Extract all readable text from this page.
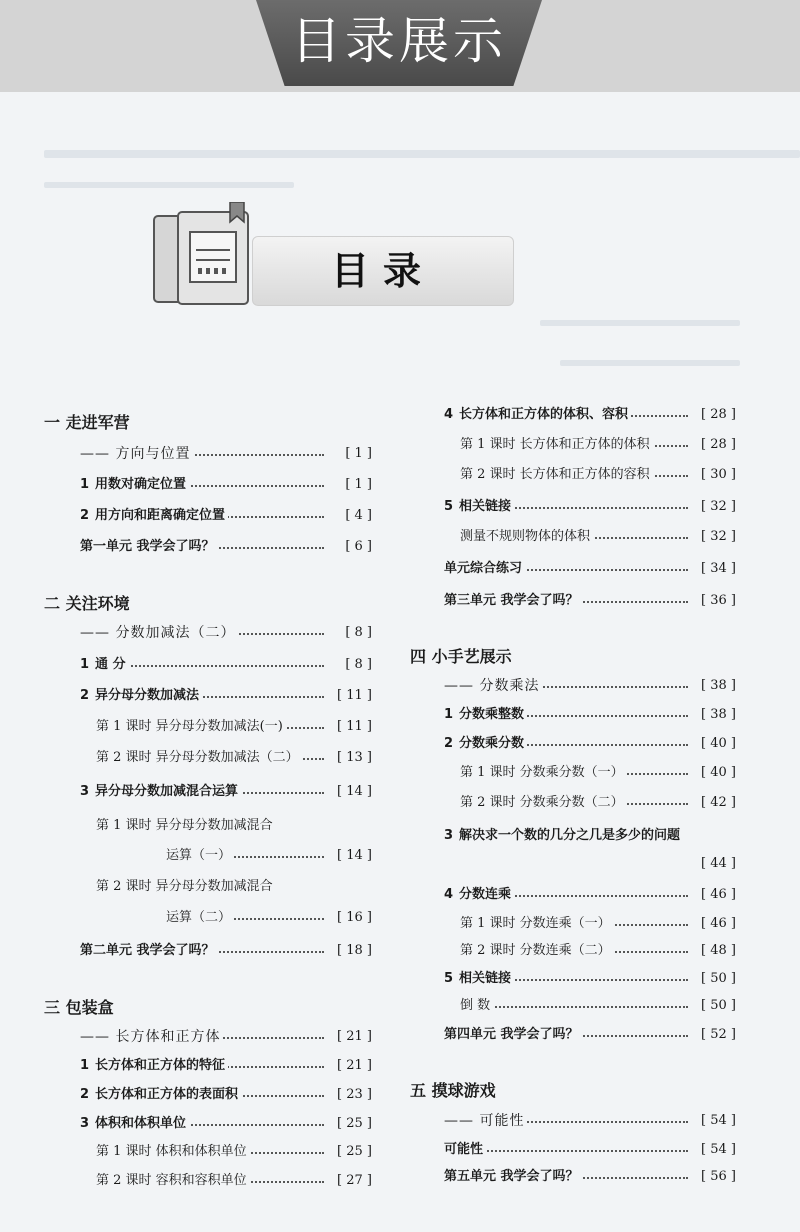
目录展示
目录
一 走进军营
—— 方向与位置	[ 1 ]
1 用数对确定位置	[ 1 ]
2 用方向和距离确定位置	[ 4 ]
第一单元 我学会了吗？	[ 6 ]
二 关注环境
—— 分数加减法（二）	[ 8 ]
1 通 分	[ 8 ]
2 异分母分数加减法	[ 11 ]
第 1 课时 异分母分数加减法(一)	[ 11 ]
第 2 课时 异分母分数加减法（二）	[ 13 ]
3 异分母分数加减混合运算	[ 14 ]
第 1 课时 异分母分数加减混合
运算（一）	[ 14 ]
第 2 课时 异分母分数加减混合
运算（二）	[ 16 ]
第二单元 我学会了吗？	[ 18 ]
三 包装盒
—— 长方体和正方体	[ 21 ]
1 长方体和正方体的特征	[ 21 ]
2 长方体和正方体的表面积	[ 23 ]
3 体积和体积单位	[ 25 ]
第 1 课时 体积和体积单位	[ 25 ]
第 2 课时 容积和容积单位	[ 27 ]
4 长方体和正方体的体积、容积	[ 28 ]
第 1 课时 长方体和正方体的体积	[ 28 ]
第 2 课时 长方体和正方体的容积	[ 30 ]
5 相关链接	[ 32 ]
测量不规则物体的体积	[ 32 ]
单元综合练习	[ 34 ]
第三单元 我学会了吗？	[ 36 ]
四 小手艺展示
—— 分数乘法	[ 38 ]
1 分数乘整数	[ 38 ]
2 分数乘分数	[ 40 ]
第 1 课时 分数乘分数（一）	[ 40 ]
第 2 课时 分数乘分数（二）	[ 42 ]
3 解决求一个数的几分之几是多少的问题
[ 44 ]
4 分数连乘	[ 46 ]
第 1 课时 分数连乘（一）	[ 46 ]
第 2 课时 分数连乘（二）	[ 48 ]
5 相关链接	[ 50 ]
倒 数	[ 50 ]
第四单元 我学会了吗？	[ 52 ]
五 摸球游戏
—— 可能性	[ 54 ]
可能性	[ 54 ]
第五单元 我学会了吗？	[ 56 ]
